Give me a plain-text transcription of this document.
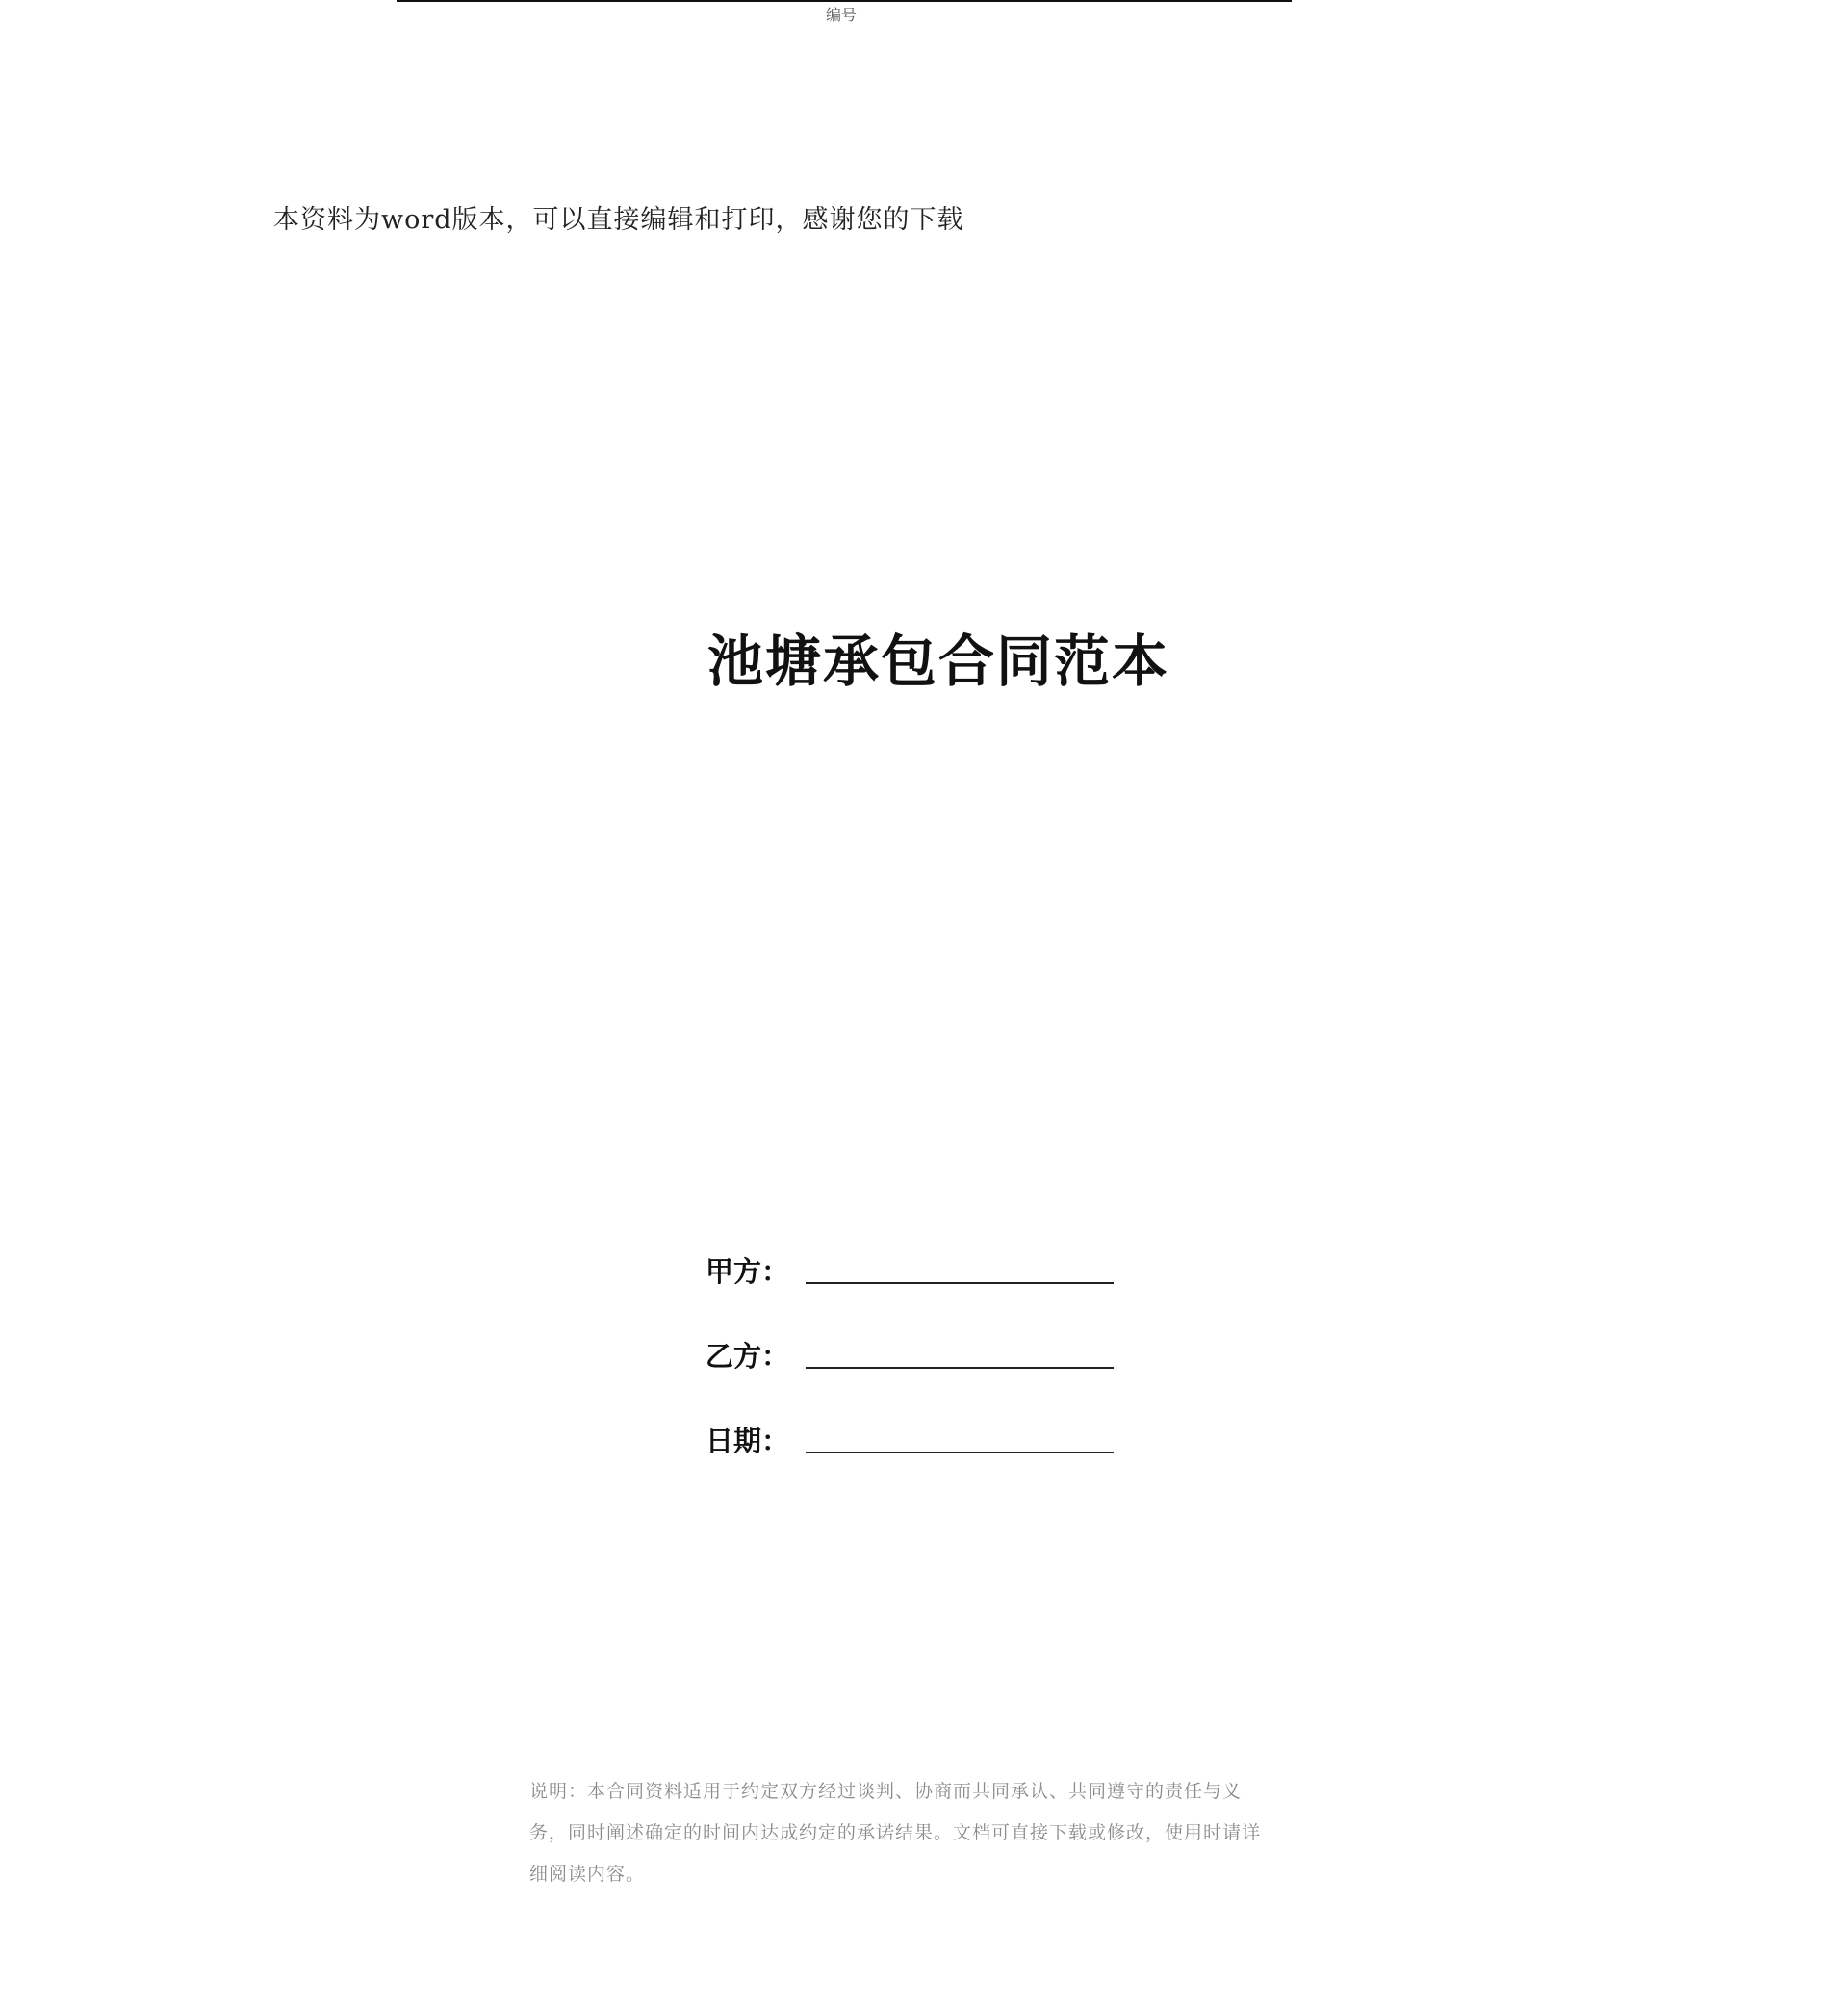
编号
本资料为word版本，可以直接编辑和打印，感谢您的下载
池塘承包合同范本
甲方：
乙方：
日期：
说明：本合同资料适用于约定双方经过谈判、协商而共同承认、共同遵守的责任与义务，同时阐述确定的时间内达成约定的承诺结果。文档可直接下载或修改，使用时请详细阅读内容。
